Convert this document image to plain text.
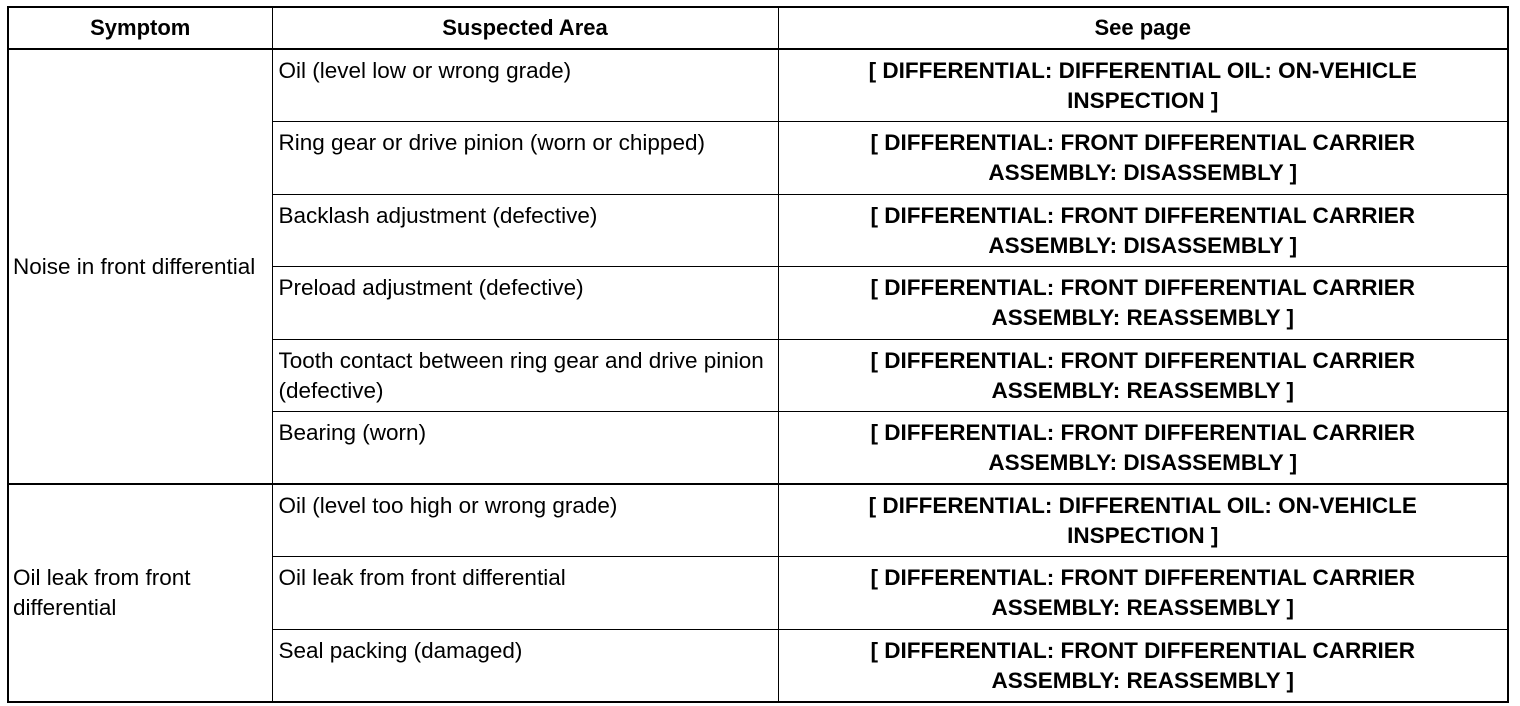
Symptom	Suspected Area	See page
Noise in front differential	Oil (level low or wrong grade)	[ DIFFERENTIAL: DIFFERENTIAL OIL: ON-VEHICLE INSPECTION ]
	Ring gear or drive pinion (worn or chipped)	[ DIFFERENTIAL: FRONT DIFFERENTIAL CARRIER ASSEMBLY: DISASSEMBLY ]
	Backlash adjustment (defective)	[ DIFFERENTIAL: FRONT DIFFERENTIAL CARRIER ASSEMBLY: DISASSEMBLY ]
	Preload adjustment (defective)	[ DIFFERENTIAL: FRONT DIFFERENTIAL CARRIER ASSEMBLY: REASSEMBLY ]
	Tooth contact between ring gear and drive pinion (defective)	[ DIFFERENTIAL: FRONT DIFFERENTIAL CARRIER ASSEMBLY: REASSEMBLY ]
	Bearing (worn)	[ DIFFERENTIAL: FRONT DIFFERENTIAL CARRIER ASSEMBLY: DISASSEMBLY ]
Oil leak from front differential	Oil (level too high or wrong grade)	[ DIFFERENTIAL: DIFFERENTIAL OIL: ON-VEHICLE INSPECTION ]
	Oil leak from front differential	[ DIFFERENTIAL: FRONT DIFFERENTIAL CARRIER ASSEMBLY: REASSEMBLY ]
	Seal packing (damaged)	[ DIFFERENTIAL: FRONT DIFFERENTIAL CARRIER ASSEMBLY: REASSEMBLY ]
